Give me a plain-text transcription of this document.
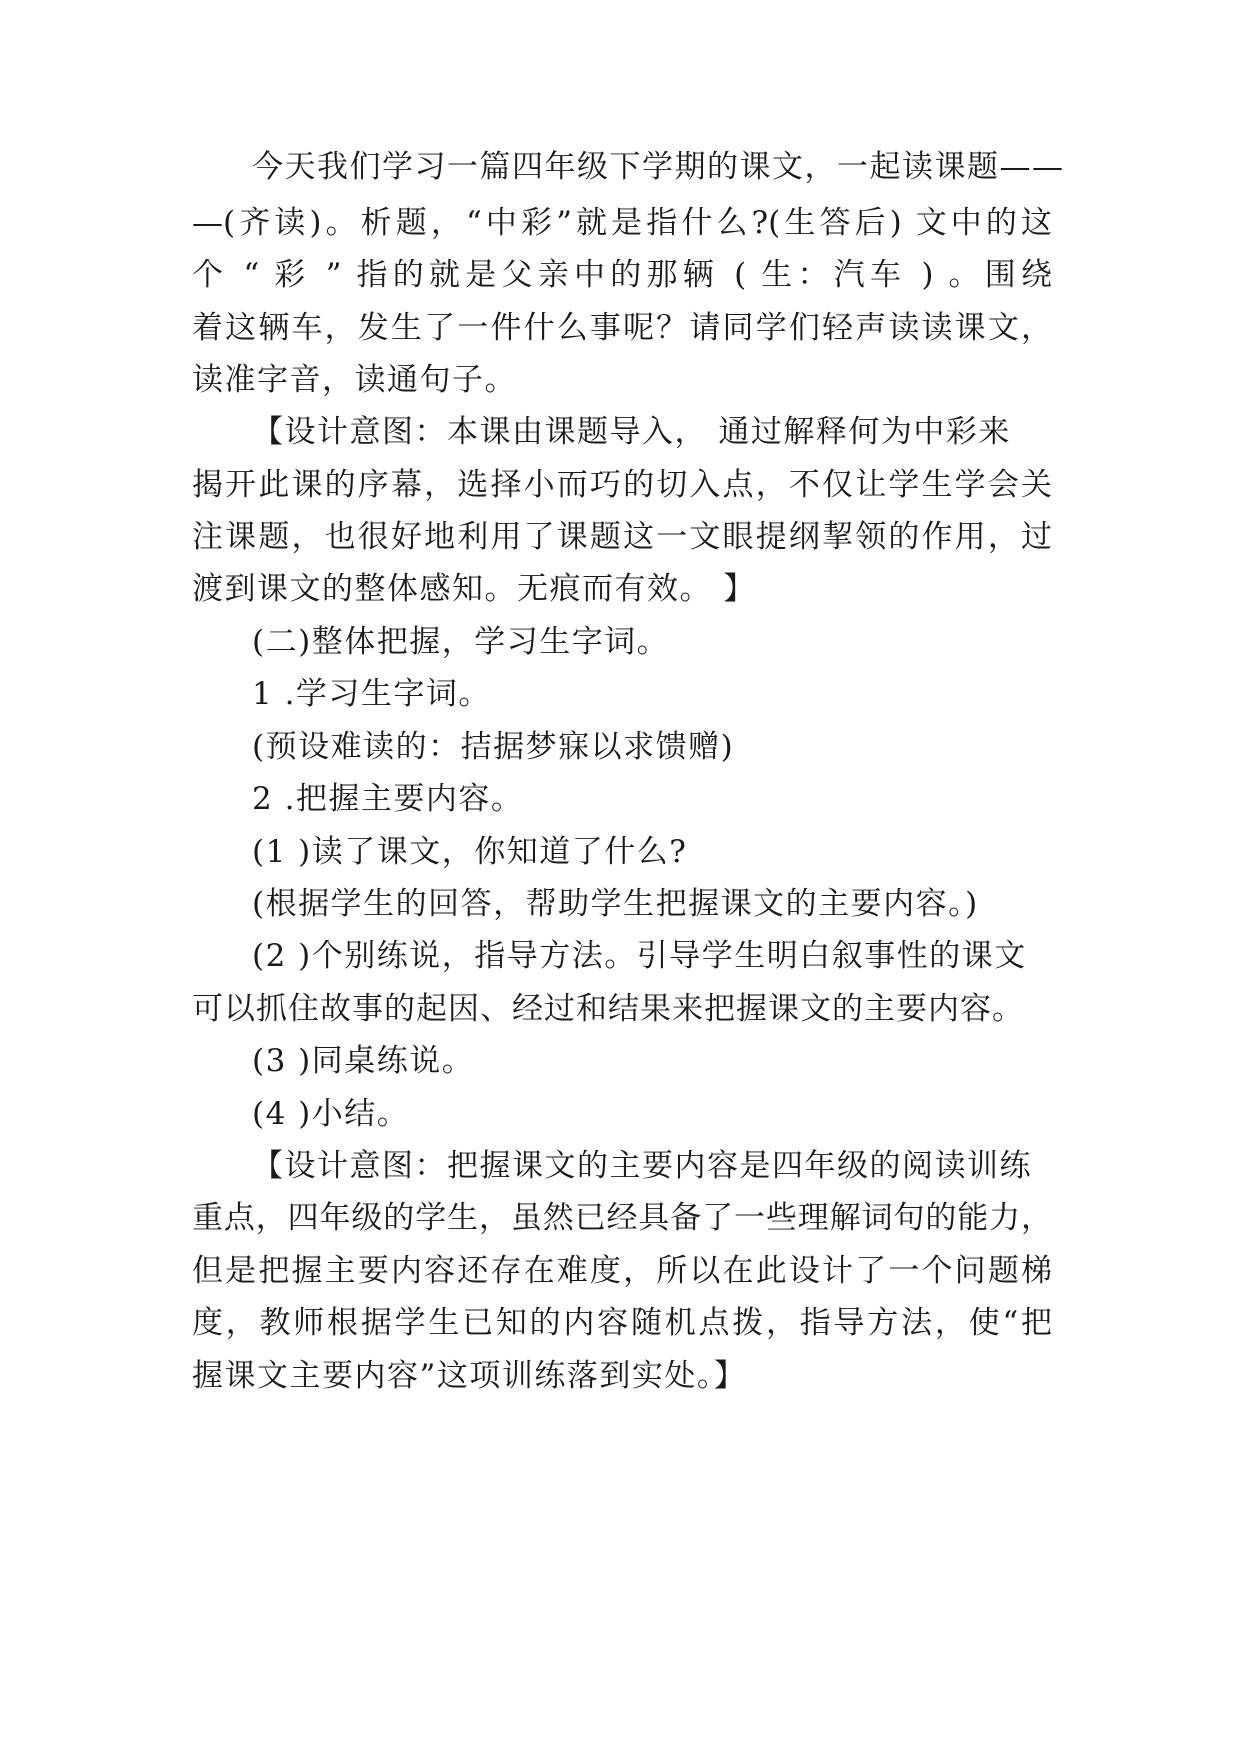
今天我们学习一篇四年级下学期的课文，一起读课题——
—(齐读)。析题，“中彩”就是指什么?(生答后) 文中的这
个 “ 彩 ” 指的就是父亲中的那辆 ( 生：汽车 ) 。围绕
着这辆车，发生了一件什么事呢？请同学们轻声读读课文，
读准字音，读通句子。
【设计意图：本课由课题导入， 通过解释何为中彩来
揭开此课的序幕，选择小而巧的切入点，不仅让学生学会关
注课题，也很好地利用了课题这一文眼提纲挈领的作用，过
渡到课文的整体感知。无痕而有效。 】
(二)整体把握，学习生字词。
1 .学习生字词。
(预设难读的：拮据梦寐以求馈赠)
2 .把握主要内容。
(1 )读了课文，你知道了什么?
(根据学生的回答，帮助学生把握课文的主要内容。)
(2 )个别练说，指导方法。引导学生明白叙事性的课文
可以抓住故事的起因、经过和结果来把握课文的主要内容。
(3 )同桌练说。
(4 )小结。
【设计意图：把握课文的主要内容是四年级的阅读训练
重点，四年级的学生，虽然已经具备了一些理解词句的能力，
但是把握主要内容还存在难度，所以在此设计了一个问题梯
度，教师根据学生已知的内容随机点拨，指导方法，使“把
握课文主要内容”这项训练落到实处。】
